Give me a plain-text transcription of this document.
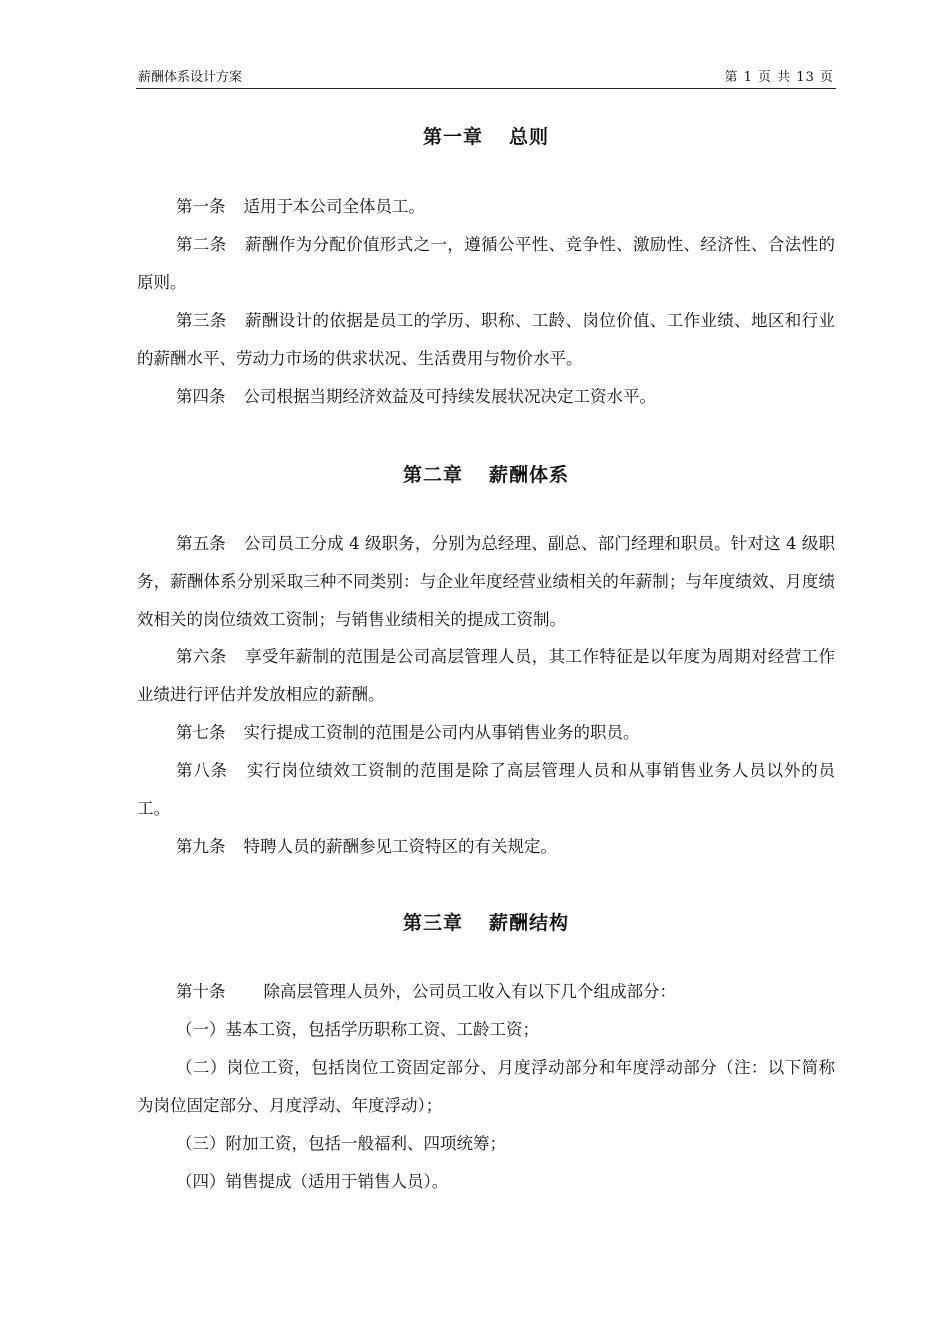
薪酬体系设计方案	第 1 页 共 13 页
第一章 总则
第一条 适用于本公司全体员工。
第二条 薪酬作为分配价值形式之一，遵循公平性、竞争性、激励性、经济性、合法性的原则。
第三条 薪酬设计的依据是员工的学历、职称、工龄、岗位价值、工作业绩、地区和行业的薪酬水平、劳动力市场的供求状况、生活费用与物价水平。
第四条 公司根据当期经济效益及可持续发展状况决定工资水平。
第二章 薪酬体系
第五条 公司员工分成 4 级职务，分别为总经理、副总、部门经理和职员。针对这 4 级职务，薪酬体系分别采取三种不同类别：与企业年度经营业绩相关的年薪制；与年度绩效、月度绩效相关的岗位绩效工资制；与销售业绩相关的提成工资制。
第六条 享受年薪制的范围是公司高层管理人员，其工作特征是以年度为周期对经营工作业绩进行评估并发放相应的薪酬。
第七条 实行提成工资制的范围是公司内从事销售业务的职员。
第八条 实行岗位绩效工资制的范围是除了高层管理人员和从事销售业务人员以外的员工。
第九条 特聘人员的薪酬参见工资特区的有关规定。
第三章 薪酬结构
第十条 除高层管理人员外，公司员工收入有以下几个组成部分：
（一）基本工资，包括学历职称工资、工龄工资；
（二）岗位工资，包括岗位工资固定部分、月度浮动部分和年度浮动部分（注：以下简称为岗位固定部分、月度浮动、年度浮动）；
（三）附加工资，包括一般福利、四项统筹；
（四）销售提成（适用于销售人员）。
